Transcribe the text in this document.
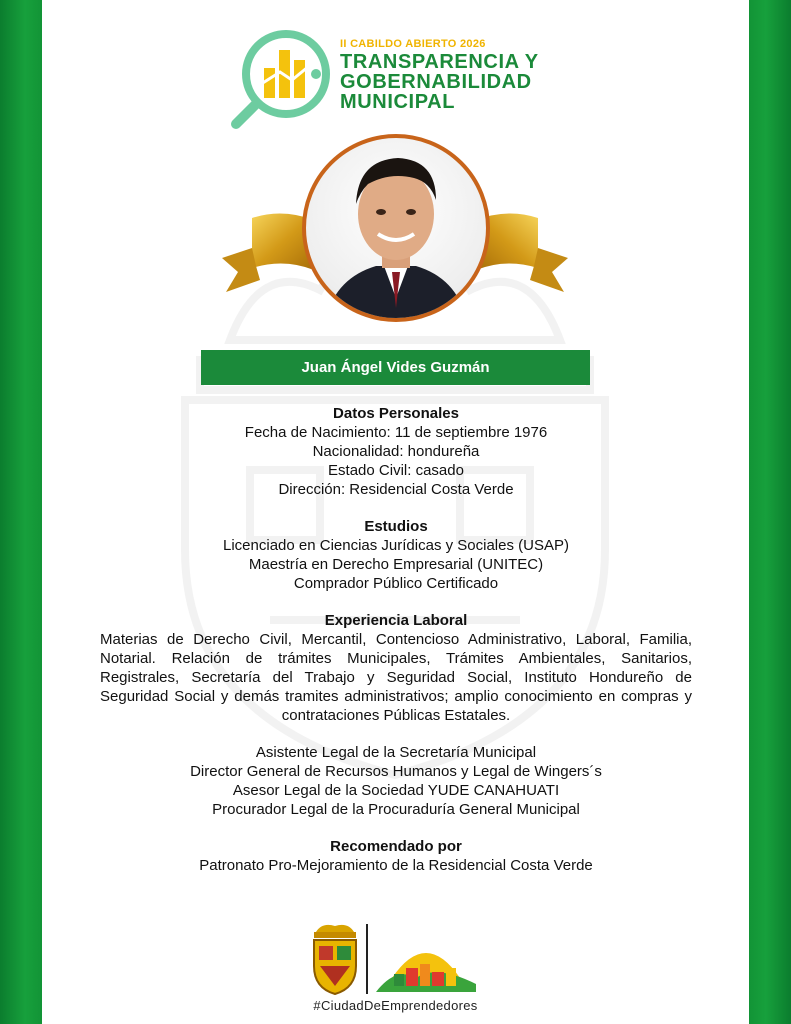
II CABILDO ABIERTO 2026
TRANSPARENCIA Y
GOBERNABILIDAD
MUNICIPAL
Juan Ángel Vides Guzmán
Datos Personales
Fecha de Nacimiento: 11 de septiembre 1976
Nacionalidad: hondureña
Estado Civil: casado
Dirección: Residencial Costa Verde
Estudios
Licenciado en Ciencias Jurídicas y Sociales (USAP)
Maestría en Derecho Empresarial (UNITEC)
Comprador Público Certificado
Experiencia Laboral
Materias de Derecho Civil, Mercantil, Contencioso Administrativo, Laboral, Familia, Notarial. Relación de trámites Municipales, Trámites Ambientales, Sanitarios, Registrales, Secretaría del Trabajo y Seguridad Social, Instituto Hondureño de Seguridad Social y demás tramites administrativos; amplio conocimiento en compras y contrataciones Públicas Estatales.
Asistente Legal de la Secretaría Municipal
Director General de Recursos Humanos y Legal de Wingers´s
Asesor Legal de la Sociedad YUDE CANAHUATI
Procurador Legal de la Procuraduría General Municipal
Recomendado por
Patronato Pro-Mejoramiento de la Residencial Costa Verde
#CiudadDeEmprendedores
